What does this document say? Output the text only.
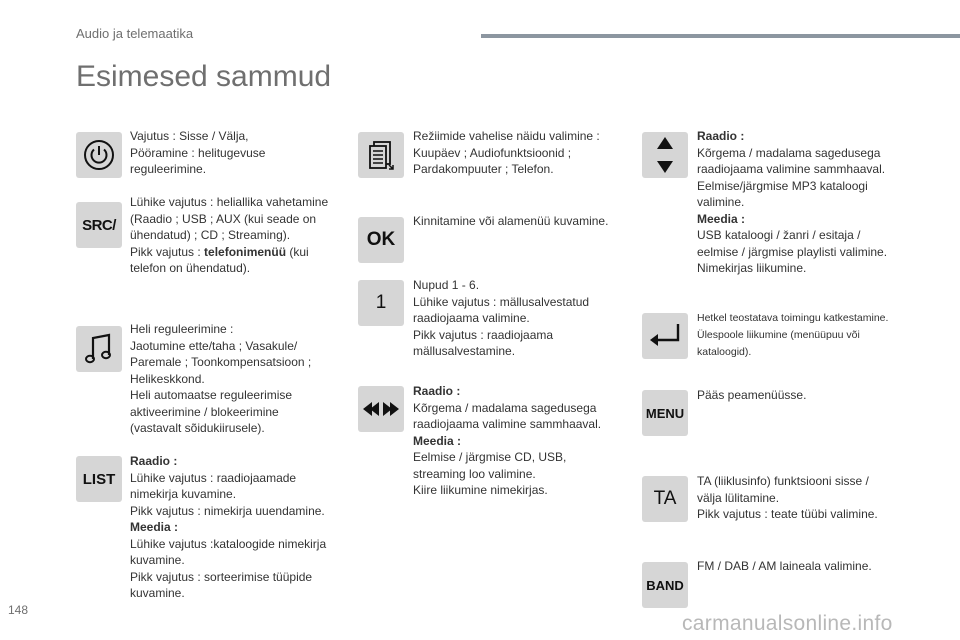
Audio ja telemaatika
Esimesed sammud
Vajutus : Sisse / Välja,
Pööramine : helitugevuse
reguleerimine.
SRC/
Lühike vajutus : heliallika vahetamine
(Raadio ; USB ; AUX (kui seade on
ühendatud) ; CD ; Streaming).
Pikk vajutus : telefonimenüü (kui
telefon on ühendatud).
Heli reguleerimine :
Jaotumine ette/taha ; Vasakule/
Paremale ; Toonkompensatsioon ;
Helikeskkond.
Heli automaatse reguleerimise
aktiveerimine / blokeerimine
(vastavalt sõidukiirusele).
LIST
Raadio :
Lühike vajutus : raadiojaamade
nimekirja kuvamine.
Pikk vajutus : nimekirja uuendamine.
Meedia :
Lühike vajutus :kataloogide nimekirja
kuvamine.
Pikk vajutus : sorteerimise tüüpide
kuvamine.
Režiimide vahelise näidu valimine :
Kuupäev ; Audiofunktsioonid ;
Pardakompuuter ; Telefon.
OK
Kinnitamine või alamenüü kuvamine.
1
Nupud 1 - 6.
Lühike vajutus : mällusalvestatud
raadiojaama valimine.
Pikk vajutus : raadiojaama
mällusalvestamine.
Raadio :
Kõrgema / madalama sagedusega
raadiojaama valimine sammhaaval.
Meedia :
Eelmise / järgmise CD, USB,
streaming loo valimine.
Kiire liikumine nimekirjas.
Raadio :
Kõrgema / madalama sagedusega
raadiojaama valimine sammhaaval.
Eelmise/järgmise MP3 kataloogi
valimine.
Meedia :
USB kataloogi / žanri / esitaja /
eelmise / järgmise playlisti valimine.
Nimekirjas liikumine.
Hetkel teostatava toimingu katkestamine.
Ülespoole liikumine (menüüpuu või
kataloogid).
MENU
Pääs peamenüüsse.
TA
TA (liiklusinfo) funktsiooni sisse /
välja lülitamine.
Pikk vajutus : teate tüübi valimine.
BAND
FM / DAB / AM laineala valimine.
148
carmanualsonline.info
